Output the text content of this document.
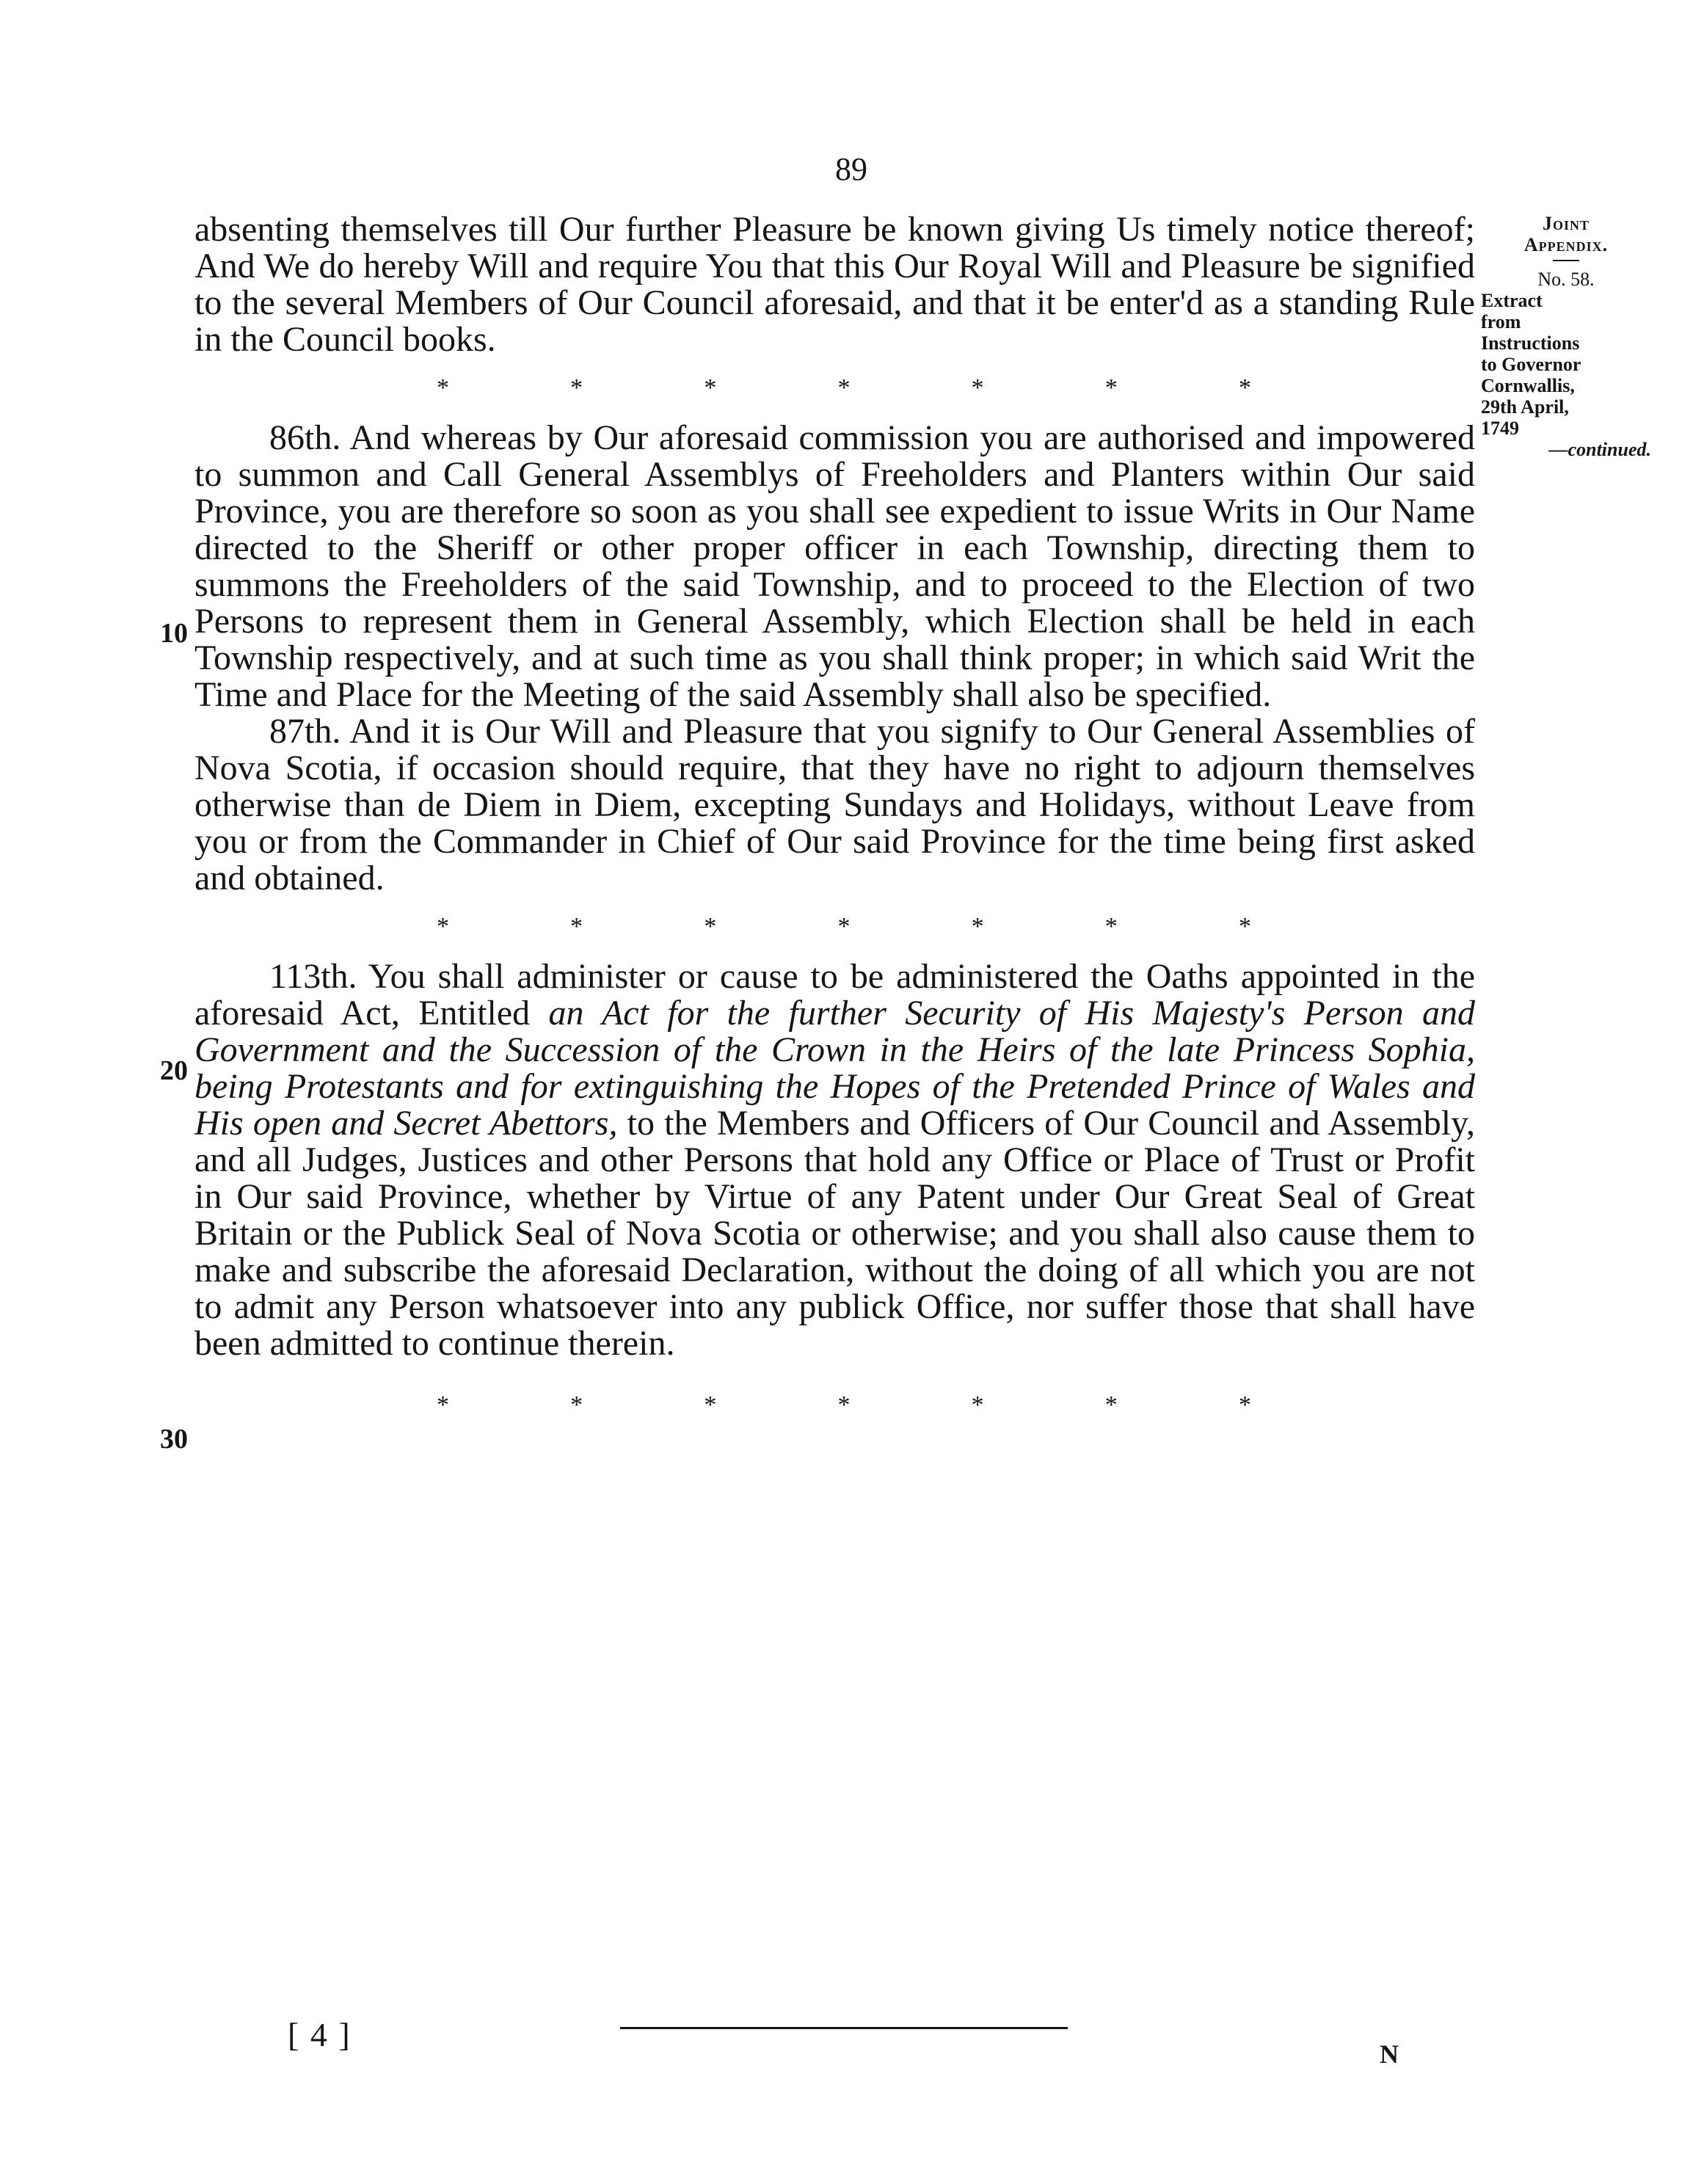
89

absenting themselves till Our further Pleasure be known giving Us timely notice thereof; And We do hereby Will and require You that this Our Royal Will and Pleasure be signified to the several Members of Our Council aforesaid, and that it be enter'd as a standing Rule in the Council books.

*	*	*	*	*	*	*

86th. And whereas by Our aforesaid commission you are authorised and impowered to summon and Call General Assemblys of Freeholders and Planters within Our said Province, you are therefore so soon as you shall see expedient to issue Writs in Our Name directed to the Sheriff or other proper officer in each Township, directing them to summons the Freeholders of the said Township, and to proceed to the Election of two Persons to represent them in General Assembly, which Election shall be held in each Township respectively, and at such time as you shall think proper; in which said Writ the Time and Place for the Meeting of the said Assembly shall also be specified.

87th. And it is Our Will and Pleasure that you signify to Our General Assemblies of Nova Scotia, if occasion should require, that they have no right to adjourn themselves otherwise than de Diem in Diem, excepting Sundays and Holidays, without Leave from you or from the Commander in Chief of Our said Province for the time being first asked and obtained.

*	*	*	*	*	*	*

113th. You shall administer or cause to be administered the Oaths appointed in the aforesaid Act, Entitled an Act for the further Security of His Majesty's Person and Government and the Succession of the Crown in the Heirs of the late Princess Sophia, being Protestants and for extinguishing the Hopes of the Pretended Prince of Wales and His open and Secret Abettors, to the Members and Officers of Our Council and Assembly, and all Judges, Justices and other Persons that hold any Office or Place of Trust or Profit in Our said Province, whether by Virtue of any Patent under Our Great Seal of Great Britain or the Publick Seal of Nova Scotia or otherwise; and you shall also cause them to make and subscribe the aforesaid Declaration, without the doing of all which you are not to admit any Person whatsoever into any publick Office, nor suffer those that shall have been admitted to continue therein.

*	*	*	*	*	*	*
10
20
30
Joint
Appendix.
No. 58.
Extract
from
Instructions
to Governor
Cornwallis,
29th April,
1749
—continued.
[ 4 ]
N
